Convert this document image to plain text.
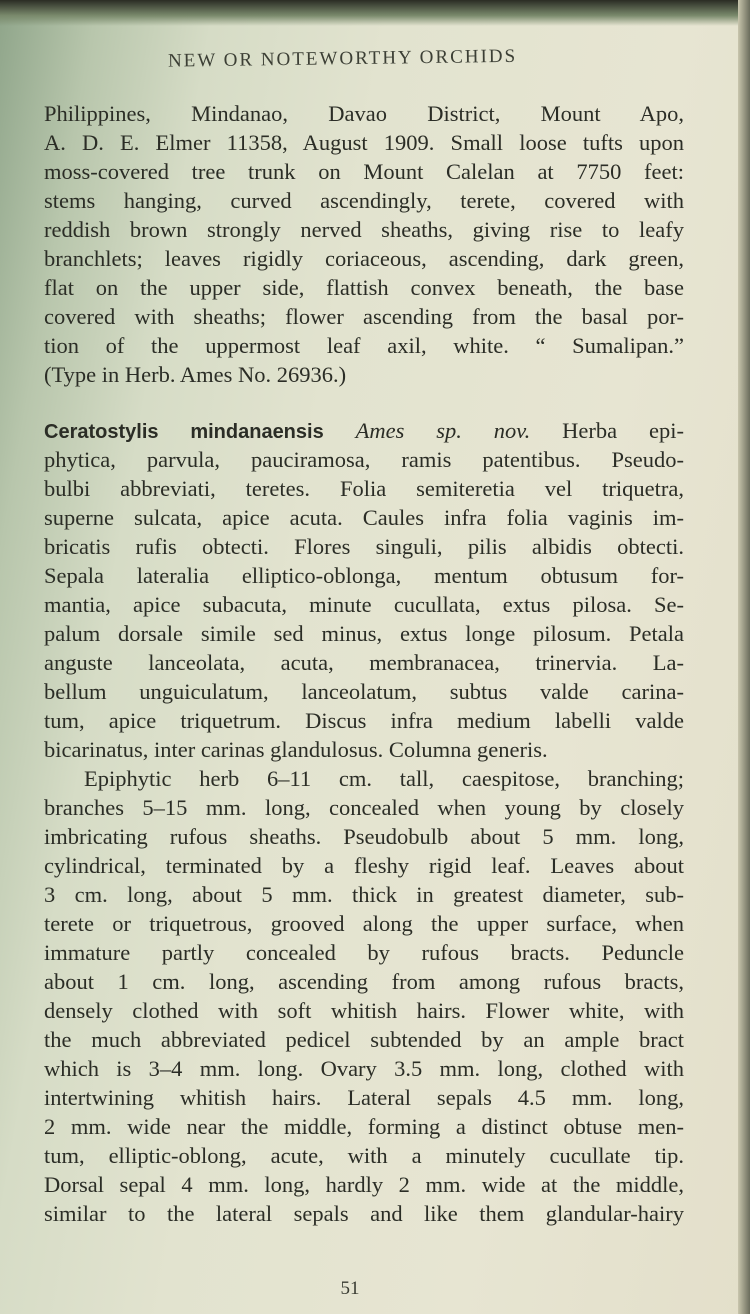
NEW OR NOTEWORTHY ORCHIDS
Philippines, Mindanao, Davao District, Mount Apo,
A. D. E. Elmer 11358, August 1909. Small loose tufts upon
moss-covered tree trunk on Mount Calelan at 7750 feet:
stems hanging, curved ascendingly, terete, covered with
reddish brown strongly nerved sheaths, giving rise to leafy
branchlets; leaves rigidly coriaceous, ascending, dark green,
flat on the upper side, flattish convex beneath, the base
covered with sheaths; flower ascending from the basal por-
tion of the uppermost leaf axil, white. “ Sumalipan.”
(Type in Herb. Ames No. 26936.)
Ceratostylis mindanaensis Ames sp. nov. Herba epi-
phytica, parvula, pauciramosa, ramis patentibus. Pseudo-
bulbi abbreviati, teretes. Folia semiteretia vel triquetra,
superne sulcata, apice acuta. Caules infra folia vaginis im-
bricatis rufis obtecti. Flores singuli, pilis albidis obtecti.
Sepala lateralia elliptico-oblonga, mentum obtusum for-
mantia, apice subacuta, minute cucullata, extus pilosa. Se-
palum dorsale simile sed minus, extus longe pilosum. Petala
anguste lanceolata, acuta, membranacea, trinervia. La-
bellum unguiculatum, lanceolatum, subtus valde carina-
tum, apice triquetrum. Discus infra medium labelli valde
bicarinatus, inter carinas glandulosus. Columna generis.
Epiphytic herb 6–11 cm. tall, caespitose, branching;
branches 5–15 mm. long, concealed when young by closely
imbricating rufous sheaths. Pseudobulb about 5 mm. long,
cylindrical, terminated by a fleshy rigid leaf. Leaves about
3 cm. long, about 5 mm. thick in greatest diameter, sub-
terete or triquetrous, grooved along the upper surface, when
immature partly concealed by rufous bracts. Peduncle
about 1 cm. long, ascending from among rufous bracts,
densely clothed with soft whitish hairs. Flower white, with
the much abbreviated pedicel subtended by an ample bract
which is 3–4 mm. long. Ovary 3.5 mm. long, clothed with
intertwining whitish hairs. Lateral sepals 4.5 mm. long,
2 mm. wide near the middle, forming a distinct obtuse men-
tum, elliptic-oblong, acute, with a minutely cucullate tip.
Dorsal sepal 4 mm. long, hardly 2 mm. wide at the middle,
similar to the lateral sepals and like them glandular-hairy
51
